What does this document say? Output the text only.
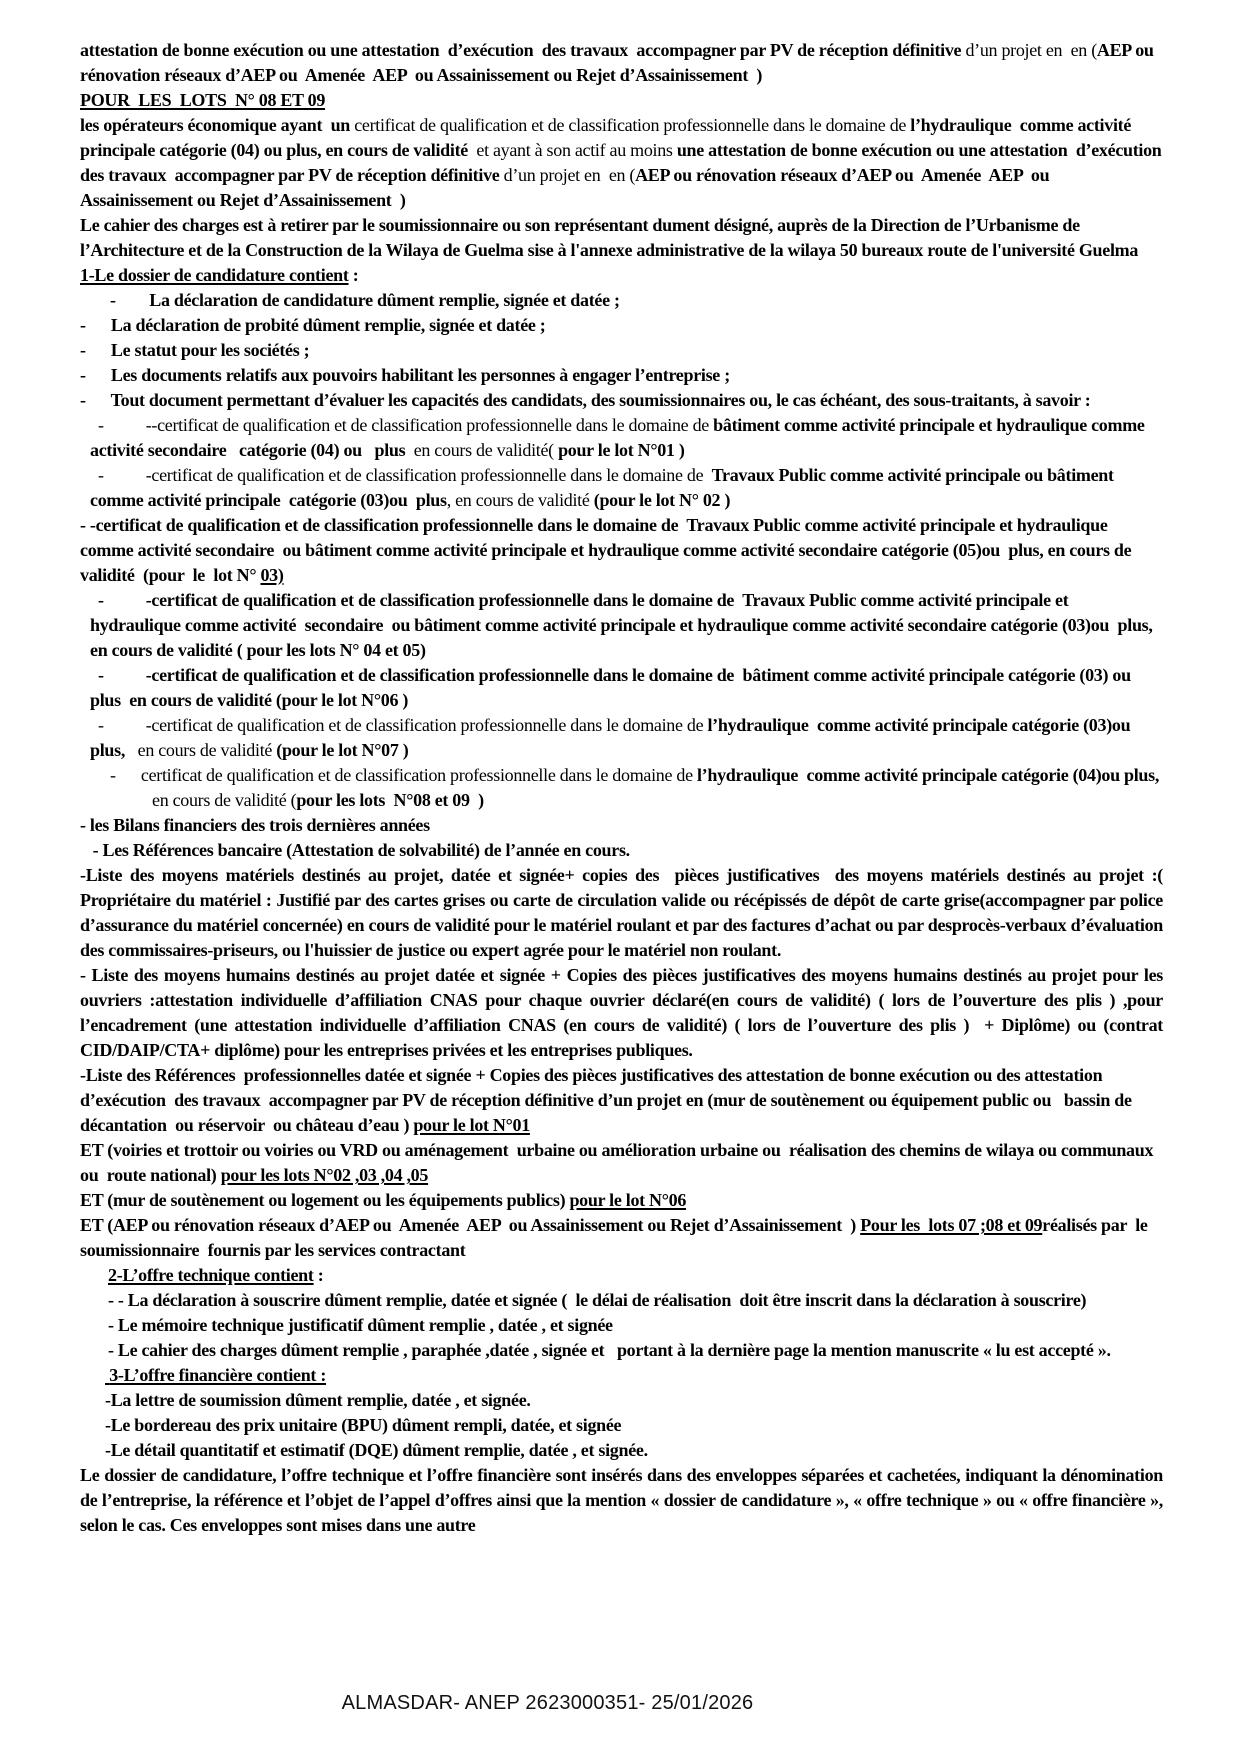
attestation de bonne exécution ou une attestation  d’exécution  des travaux  accompagner par PV de réception définitive d’un projet en  en (AEP ou rénovation réseaux d’AEP ou  Amenée  AEP  ou Assainissement ou Rejet d’Assainissement  )

POUR  LES  LOTS  N° 08 ET 09

les opérateurs économique ayant  un certificat de qualification et de classification professionnelle dans le domaine de l’hydraulique  comme activité principale catégorie (04) ou plus, en cours de validité  et ayant à son actif au moins une attestation de bonne exécution ou une attestation  d’exécution  des travaux  accompagner par PV de réception définitive d’un projet en  en (AEP ou rénovation réseaux d’AEP ou  Amenée  AEP  ou Assainissement ou Rejet d’Assainissement  )

Le cahier des charges est à retirer par le soumissionnaire ou son représentant dument désigné, auprès de la Direction de l’Urbanisme de l’Architecture et de la Construction de la Wilaya de Guelma sise à l'annexe administrative de la wilaya 50 bureaux route de l'université Guelma

1-Le dossier de candidature contient :

-        La déclaration de candidature dûment remplie, signée et datée ;

-      La déclaration de probité dûment remplie, signée et datée ;

-      Le statut pour les sociétés ;

-      Les documents relatifs aux pouvoirs habilitant les personnes à engager l’entreprise ;

-      Tout document permettant d’évaluer les capacités des candidats, des soumissionnaires ou, le cas échéant, des sous-traitants, à savoir :

-          --certificat de qualification et de classification professionnelle dans le domaine de bâtiment comme activité principale et hydraulique comme activité secondaire   catégorie (04) ou   plus  en cours de validité( pour le lot N°01 )

-          -certificat de qualification et de classification professionnelle dans le domaine de  Travaux Public comme activité principale ou bâtiment comme activité principale  catégorie (03)ou  plus, en cours de validité (pour le lot N° 02 )

- -certificat de qualification et de classification professionnelle dans le domaine de  Travaux Public comme activité principale et hydraulique comme activité secondaire  ou bâtiment comme activité principale et hydraulique comme activité secondaire catégorie (05)ou  plus, en cours de validité  (pour  le  lot N° 03)

-          -certificat de qualification et de classification professionnelle dans le domaine de  Travaux Public comme activité principale et hydraulique comme activité  secondaire  ou bâtiment comme activité principale et hydraulique comme activité secondaire catégorie (03)ou  plus, en cours de validité ( pour les lots N° 04 et 05)

-          -certificat de qualification et de classification professionnelle dans le domaine de  bâtiment comme activité principale catégorie (03) ou   plus  en cours de validité (pour le lot N°06 )

-          -certificat de qualification et de classification professionnelle dans le domaine de l’hydraulique  comme activité principale catégorie (03)ou plus,   en cours de validité (pour le lot N°07 )

-      certificat de qualification et de classification professionnelle dans le domaine de l’hydraulique  comme activité principale catégorie (04)ou plus,   en cours de validité (pour les lots  N°08 et 09  )

- les Bilans financiers des trois dernières années

- Les Références bancaire (Attestation de solvabilité) de l’année en cours.

-Liste des moyens matériels destinés au projet, datée et signée+ copies des  pièces justificatives  des moyens matériels destinés au projet :( Propriétaire du matériel : Justifié par des cartes grises ou carte de circulation valide ou récépissés de dépôt de carte grise(accompagner par police d’assurance du matériel concernée) en cours de validité pour le matériel roulant et par des factures d’achat ou par desprocès-verbaux d’évaluation des commissaires-priseurs, ou l'huissier de justice ou expert agrée pour le matériel non roulant.

- Liste des moyens humains destinés au projet datée et signée + Copies des pièces justificatives des moyens humains destinés au projet pour les ouvriers :attestation individuelle d’affiliation CNAS pour chaque ouvrier déclaré(en cours de validité) ( lors de l’ouverture des plis ) ,pour l’encadrement (une attestation individuelle d’affiliation CNAS (en cours de validité) ( lors de l’ouverture des plis )  + Diplôme) ou (contrat CID/DAIP/CTA+ diplôme) pour les entreprises privées et les entreprises publiques.

-Liste des Références  professionnelles datée et signée + Copies des pièces justificatives des attestation de bonne exécution ou des attestation  d’exécution  des travaux  accompagner par PV de réception définitive d’un projet en (mur de soutènement ou équipement public ou   bassin de  décantation  ou réservoir  ou château d’eau ) pour le lot N°01

ET (voiries et trottoir ou voiries ou VRD ou aménagement  urbaine ou amélioration urbaine ou  réalisation des chemins de wilaya ou communaux ou  route national) pour les lots N°02 ,03 ,04 ,05

ET (mur de soutènement ou logement ou les équipements publics) pour le lot N°06

ET (AEP ou rénovation réseaux d’AEP ou  Amenée  AEP  ou Assainissement ou Rejet d’Assainissement  ) Pour les  lots 07 ;08 et 09réalisés par  le soumissionnaire  fournis par les services contractant

2-L’offre technique contient :

- - La déclaration à souscrire dûment remplie, datée et signée (  le délai de réalisation  doit être inscrit dans la déclaration à souscrire)

- Le mémoire technique justificatif dûment remplie , datée , et signée

- Le cahier des charges dûment remplie , paraphée ,datée , signée et   portant à la dernière page la mention manuscrite « lu est accepté ».

3-L’offre financière contient :

-La lettre de soumission dûment remplie, datée , et signée.

-Le bordereau des prix unitaire (BPU) dûment rempli, datée, et signée

-Le détail quantitatif et estimatif (DQE) dûment remplie, datée , et signée.

Le dossier de candidature, l’offre technique et l’offre financière sont insérés dans des enveloppes séparées et cachetées, indiquant la dénomination de l’entreprise, la référence et l’objet de l’appel d’offres ainsi que la mention « dossier de candidature », « offre technique » ou « offre financière », selon le cas. Ces enveloppes sont mises dans une autre

ALMASDAR- ANEP 2623000351- 25/01/2026
